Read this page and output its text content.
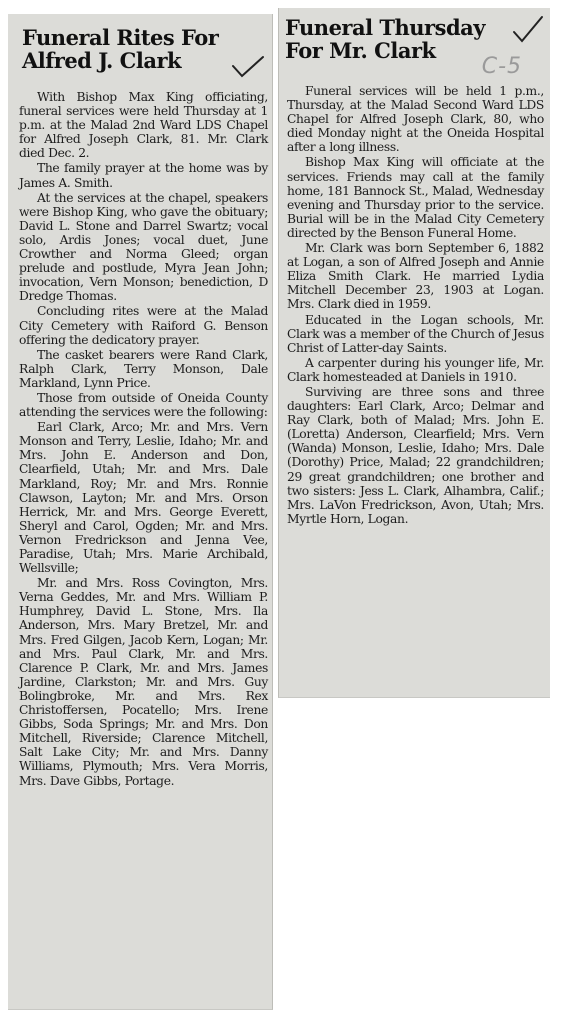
Funeral Rites For
Alfred J. Clark

With Bishop Max King officiating, funeral services were held Thursday at 1 p.m. at the Malad 2nd Ward LDS Chapel for Alfred Joseph Clark, 81. Mr. Clark died Dec. 2.

The family prayer at the home was by James A. Smith.

At the services at the chapel, speakers were Bishop King, who gave the obituary; David L. Stone and Darrel Swartz; vocal solo, Ardis Jones; vocal duet, June Crowther and Norma Gleed; organ prelude and postlude, Myra Jean John; invocation, Vern Monson; benediction, D Dredge Thomas.

Concluding rites were at the Malad City Cemetery with Raiford G. Benson offering the dedicatory prayer.

The casket bearers were Rand Clark, Ralph Clark, Terry Monson, Dale Markland, Lynn Price.

Those from outside of Oneida County attending the services were the following:

Earl Clark, Arco; Mr. and Mrs. Vern Monson and Terry, Leslie, Idaho; Mr. and Mrs. John E. Anderson and Don, Clearfield, Utah; Mr. and Mrs. Dale Markland, Roy; Mr. and Mrs. Ronnie Clawson, Layton; Mr. and Mrs. Orson Herrick, Mr. and Mrs. George Everett, Sheryl and Carol, Ogden; Mr. and Mrs. Vernon Fredrickson and Jenna Vee, Paradise, Utah; Mrs. Marie Archibald, Wellsville;

Mr. and Mrs. Ross Covington, Mrs. Verna Geddes, Mr. and Mrs. William P. Humphrey, David L. Stone, Mrs. Ila Anderson, Mrs. Mary Bretzel, Mr. and Mrs. Fred Gilgen, Jacob Kern, Logan; Mr. and Mrs. Paul Clark, Mr. and Mrs. Clarence P. Clark, Mr. and Mrs. James Jardine, Clarkston; Mr. and Mrs. Guy Bolingbroke, Mr. and Mrs. Rex Christoffersen, Pocatello; Mrs. Irene Gibbs, Soda Springs; Mr. and Mrs. Don Mitchell, Riverside; Clarence Mitchell, Salt Lake City; Mr. and Mrs. Danny Williams, Plymouth; Mrs. Vera Morris, Mrs. Dave Gibbs, Portage.

Funeral Thursday
For Mr. Clark
C-5

Funeral services will be held 1 p.m., Thursday, at the Malad Second Ward LDS Chapel for Alfred Joseph Clark, 80, who died Monday night at the Oneida Hospital after a long illness.

Bishop Max King will officiate at the services. Friends may call at the family home, 181 Bannock St., Malad, Wednesday evening and Thursday prior to the service. Burial will be in the Malad City Cemetery directed by the Benson Funeral Home.

Mr. Clark was born September 6, 1882 at Logan, a son of Alfred Joseph and Annie Eliza Smith Clark. He married Lydia Mitchell December 23, 1903 at Logan. Mrs. Clark died in 1959.

Educated in the Logan schools, Mr. Clark was a member of the Church of Jesus Christ of Latter-day Saints.

A carpenter during his younger life, Mr. Clark homesteaded at Daniels in 1910.

Surviving are three sons and three daughters: Earl Clark, Arco; Delmar and Ray Clark, both of Malad; Mrs. John E. (Loretta) Anderson, Clearfield; Mrs. Vern (Wanda) Monson, Leslie, Idaho; Mrs. Dale (Dorothy) Price, Malad; 22 grandchildren; 29 great grandchildren; one brother and two sisters: Jess L. Clark, Alhambra, Calif.; Mrs. LaVon Fredrickson, Avon, Utah; Mrs. Myrtle Horn, Logan.
